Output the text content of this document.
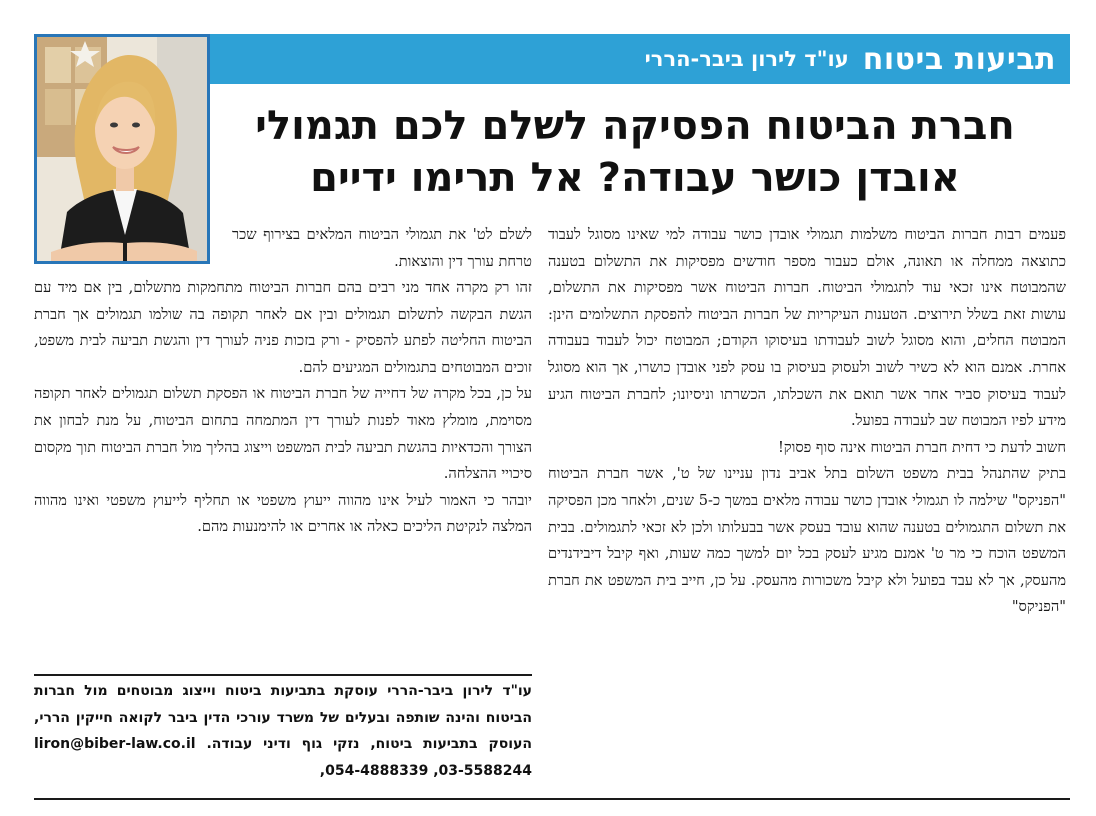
תביעות ביטוח
עו"ד לירון ביבר-הררי
חברת הביטוח הפסיקה לשלם לכם תגמולי
אובדן כושר עבודה? אל תרימו ידיים

פעמים רבות חברות הביטוח משלמות תגמולי אובדן כושר עבודה למי שאינו מסוגל לעבוד כתוצאה ממחלה או תאונה, אולם כעבור מספר חודשים מפסיקות את התשלום בטענה שהמבוטח אינו זכאי עוד לתגמולי הביטוח. חברות הביטוח אשר מפסיקות את התשלום, עושות זאת בשלל תירוצים. הטענות העיקריות של חברות הביטוח להפסקת התשלומים הינן: המבוטח החלים, והוא מסוגל לשוב לעבודתו בעיסוקו הקודם; המבוטח יכול לעבוד בעבודה אחרת. אמנם הוא לא כשיר לשוב ולעסוק בעיסוק בו עסק לפני אובדן כושרו, אך הוא מסוגל לעבוד בעיסוק סביר אחר אשר תואם את השכלתו, הכשרתו וניסיונו; לחברת הביטוח הגיע מידע לפיו המבוטח שב לעבודה בפועל.

חשוב לדעת כי דחית חברת הביטוח אינה סוף פסוק!

בתיק שהתנהל בבית משפט השלום בתל אביב נדון עניינו של ט', אשר חברת הביטוח "הפניקס" שילמה לו תגמולי אובדן כושר עבודה מלאים במשך כ-5 שנים, ולאחר מכן הפסיקה את תשלום התגמולים בטענה שהוא עובד בעסק אשר בבעלותו ולכן לא זכאי לתגמולים. בבית המשפט הוכח כי מר ט' אמנם מגיע לעסק בכל יום למשך כמה שעות, ואף קיבל דיבידנדים מהעסק, אך לא עבד בפועל ולא קיבל משכורות מהעסק. על כן, חייב בית המשפט את חברת "הפניקס"

לשלם לט' את תגמולי הביטוח המלאים בצירוף שכר טרחת עורך דין והוצאות.

זהו רק מקרה אחד מני רבים בהם חברות הביטוח מתחמקות מתשלום, בין אם מיד עם הגשת הבקשה לתשלום תגמולים ובין אם לאחר תקופה בה שולמו תגמולים אך חברת הביטוח החליטה לפתע להפסיק - ורק בזכות פניה לעורך דין והגשת תביעה לבית משפט, זוכים המבוטחים בתגמולים המגיעים להם.

על כן, בכל מקרה של דחייה של חברת הביטוח או הפסקת תשלום תגמולים לאחר תקופה מסוימת, מומלץ מאוד לפנות לעורך דין המתמחה בתחום הביטוח, על מנת לבחון את הצורך והכדאיות בהגשת תביעה לבית המשפט וייצוג בהליך מול חברת הביטוח תוך מקסום סיכויי ההצלחה.

יובהר כי האמור לעיל אינו מהווה ייעוץ משפטי או תחליף לייעוץ משפטי ואינו מהווה המלצה לנקיטת הליכים כאלה או אחרים או להימנעות מהם.

עו"ד לירון ביבר-הררי עוסקת בתביעות ביטוח וייצוג מבוטחים מול חברות הביטוח והינה שותפה ובעלים של משרד עורכי הדין ביבר לקואה חייקין הררי, העוסק בתביעות ביטוח, נזקי גוף ודיני עבודה. liron@biber-law.co.il ,054-4888339 ,03-5588244
